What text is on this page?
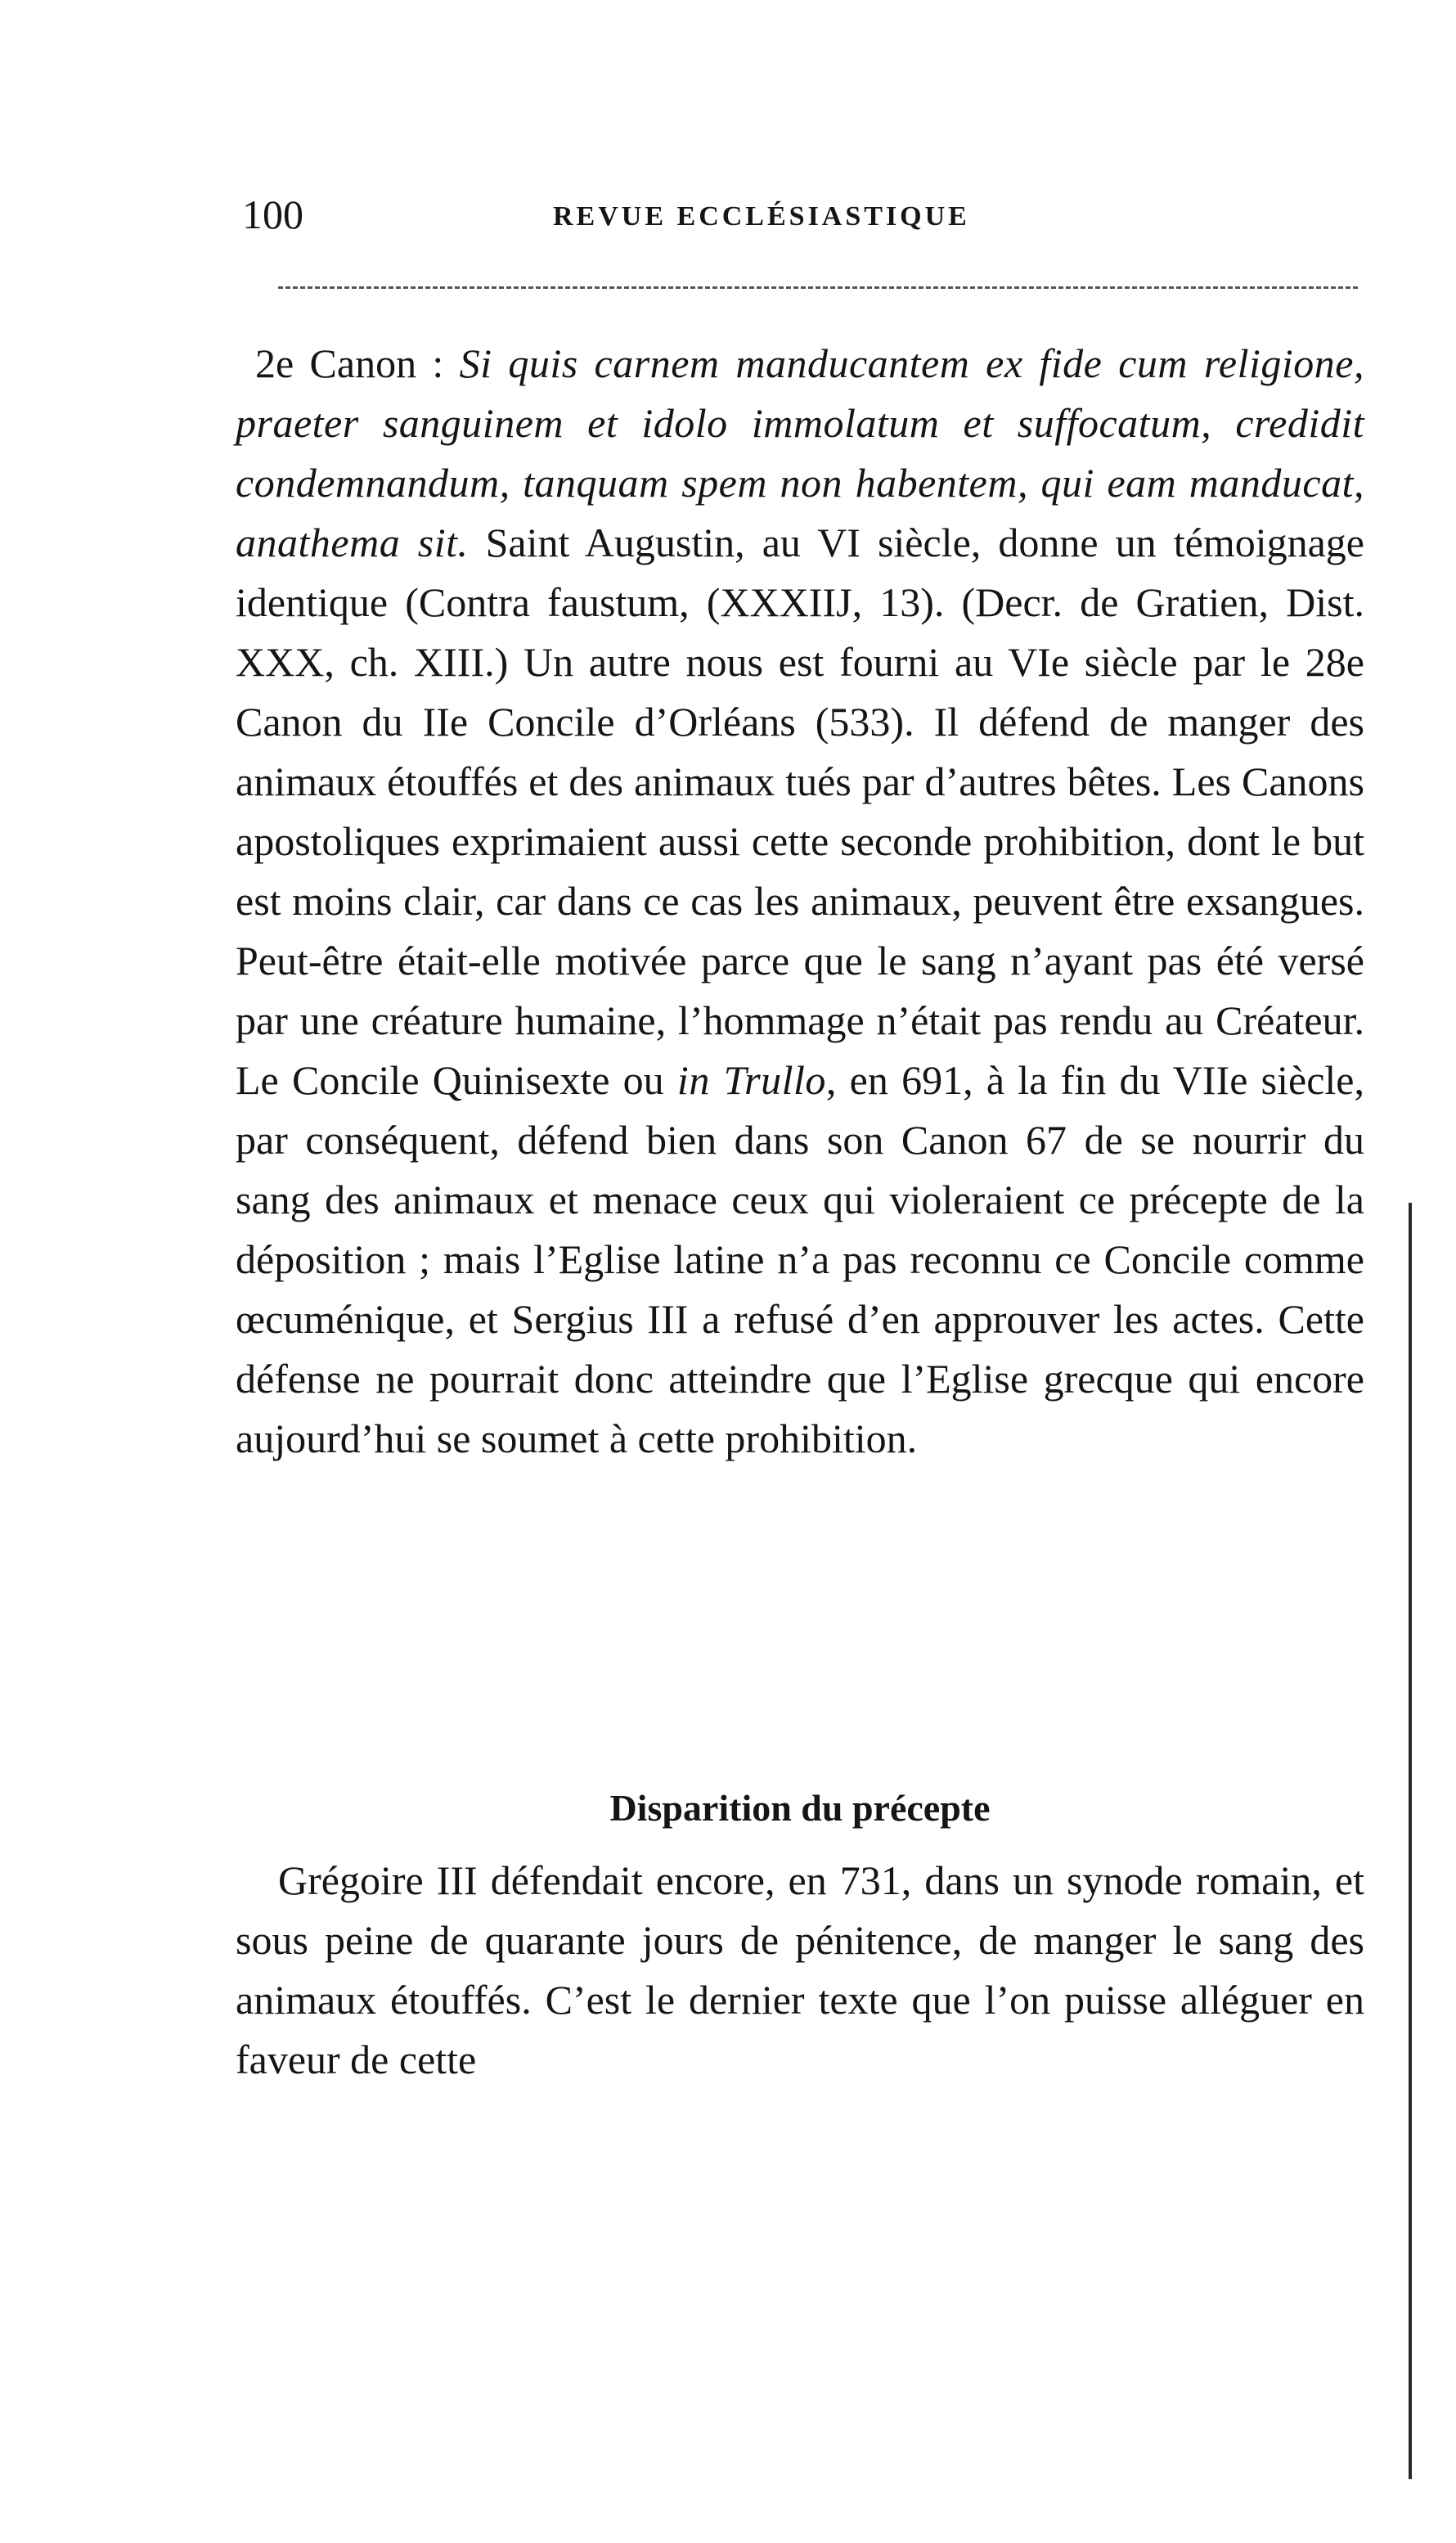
100	REVUE ECCLÉSIASTIQUE

2e Canon : Si quis carnem manducantem ex fide cum religione, praeter sanguinem et idolo immolatum et suffocatum, credidit condemnandum, tanquam spem non habentem, qui eam manducat, anathema sit. Saint Augustin, au VI siècle, donne un témoignage identique (Contra faustum, (XXXIIJ, 13). (Decr. de Gratien, Dist. XXX, ch. XIII.) Un autre nous est fourni au VIe siècle par le 28e Canon du IIe Concile d’Orléans (533). Il défend de manger des animaux étouffés et des animaux tués par d’autres bêtes. Les Canons apostoliques exprimaient aussi cette seconde prohibition, dont le but est moins clair, car dans ce cas les animaux, peuvent être exsangues. Peut-être était-elle motivée parce que le sang n’ayant pas été versé par une créature humaine, l’hommage n’était pas rendu au Créateur. Le Concile Quinisexte ou in Trullo, en 691, à la fin du VIIe siècle, par conséquent, défend bien dans son Canon 67 de se nourrir du sang des animaux et menace ceux qui violeraient ce précepte de la déposition ; mais l’Eglise latine n’a pas reconnu ce Concile comme œcuménique, et Sergius III a refusé d’en approuver les actes. Cette défense ne pourrait donc atteindre que l’Eglise grecque qui encore aujourd’hui se soumet à cette prohibition.

Disparition du précepte

Grégoire III défendait encore, en 731, dans un synode romain, et sous peine de quarante jours de pénitence, de manger le sang des animaux étouffés. C’est le dernier texte que l’on puisse alléguer en faveur de cette
